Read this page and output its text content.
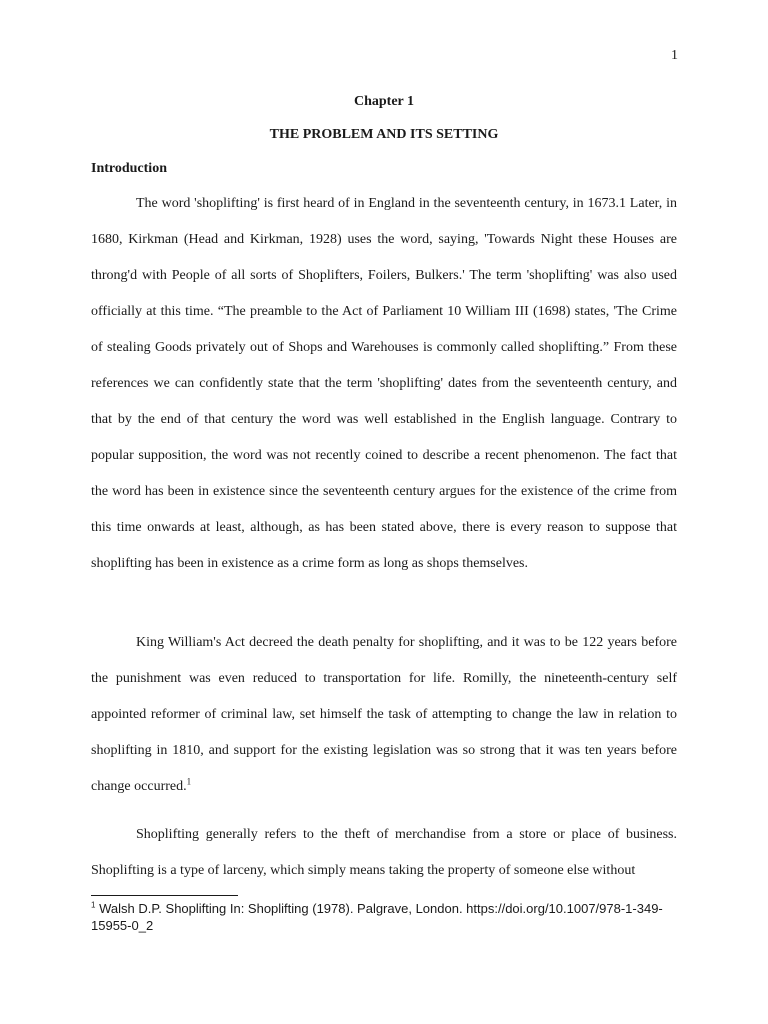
1
Chapter 1
THE PROBLEM AND ITS SETTING
Introduction

The word 'shoplifting' is first heard of in England in the seventeenth century, in 1673.1 Later, in 1680, Kirkman (Head and Kirkman, 1928) uses the word, saying, 'Towards Night these Houses are throng'd with People of all sorts of Shoplifters, Foilers, Bulkers.' The term 'shoplifting' was also used officially at this time. “The preamble to the Act of Parliament 10 William III (1698) states, 'The Crime of stealing Goods privately out of Shops and Warehouses is commonly called shoplifting.” From these references we can confidently state that the term 'shoplifting' dates from the seventeenth century, and that by the end of that century the word was well established in the English language. Contrary to popular supposition, the word was not recently coined to describe a recent phenomenon. The fact that the word has been in existence since the seventeenth century argues for the existence of the crime from this time onwards at least, although, as has been stated above, there is every reason to suppose that shoplifting has been in existence as a crime form as long as shops themselves.

King William's Act decreed the death penalty for shoplifting, and it was to be 122 years before the punishment was even reduced to transportation for life. Romilly, the nineteenth-century self appointed reformer of criminal law, set himself the task of attempting to change the law in relation to shoplifting in 1810, and support for the existing legislation was so strong that it was ten years before change occurred.$^1$

Shoplifting generally refers to the theft of merchandise from a store or place of business. Shoplifting is a type of larceny, which simply means taking the property of someone else without

$^1$ Walsh D.P. Shoplifting In: Shoplifting (1978). Palgrave, London. https://doi.org/10.1007/978-1-349-15955-0_2
